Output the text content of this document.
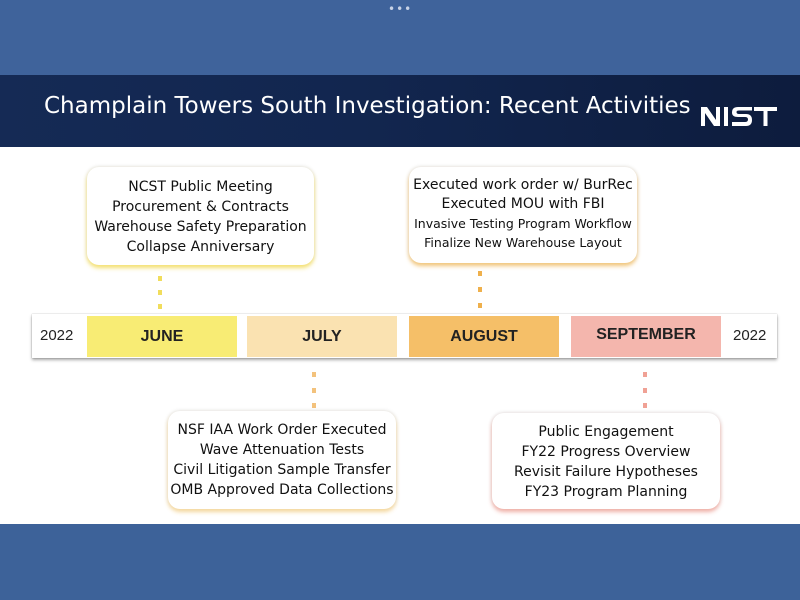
•••
Champlain Towers South Investigation: Recent Activities
NCST Public Meeting
Procurement & Contracts
Warehouse Safety Preparation
Collapse Anniversary
Executed work order w/ BurRec
Executed MOU with FBI
Invasive Testing Program Workflow
Finalize New Warehouse Layout
2022	JUNE	JULY	AUGUST	SEPTEMBER	2022
NSF IAA Work Order Executed
Wave Attenuation Tests
Civil Litigation Sample Transfer
OMB Approved Data Collections
Public Engagement
FY22 Progress Overview
Revisit Failure Hypotheses
FY23 Program Planning
